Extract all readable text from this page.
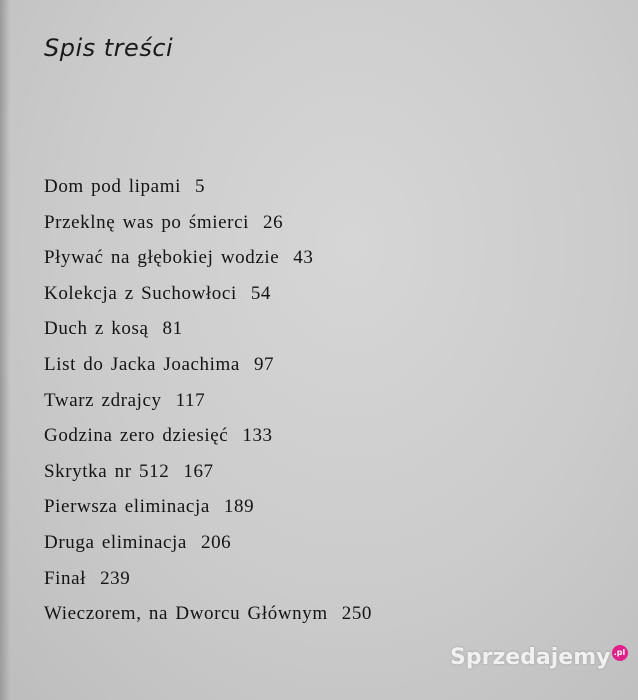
Spis treści
Dom pod lipami 5
Przeklnę was po śmierci 26
Pływać na głębokiej wodzie 43
Kolekcja z Suchowłoci 54
Duch z kosą 81
List do Jacka Joachima 97
Twarz zdrajcy 117
Godzina zero dziesięć 133
Skrytka nr 512 167
Pierwsza eliminacja 189
Druga eliminacja 206
Finał 239
Wieczorem, na Dworcu Głównym 250
Sprzedajemy .pl
